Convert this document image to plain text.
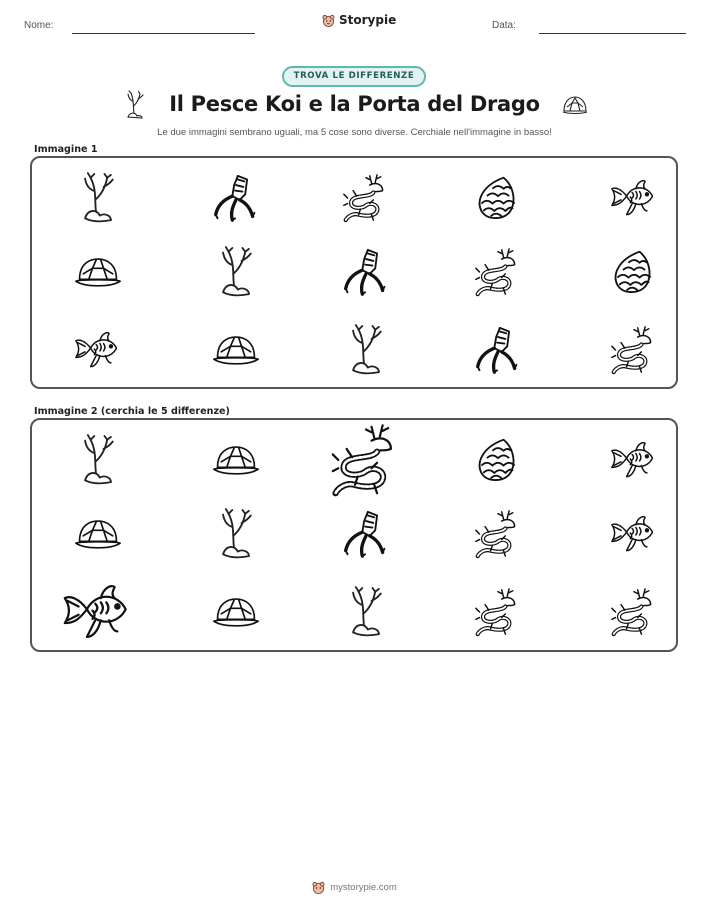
Nome:	Storypie	Data:
TROVA LE DIFFERENZE
Il Pesce Koi e la Porta del Drago
Le due immagini sembrano uguali, ma 5 cose sono diverse. Cerchiale nell'immagine in basso!
Immagine 1
Immagine 2 (cerchia le 5 differenze)
mystorypie.com
